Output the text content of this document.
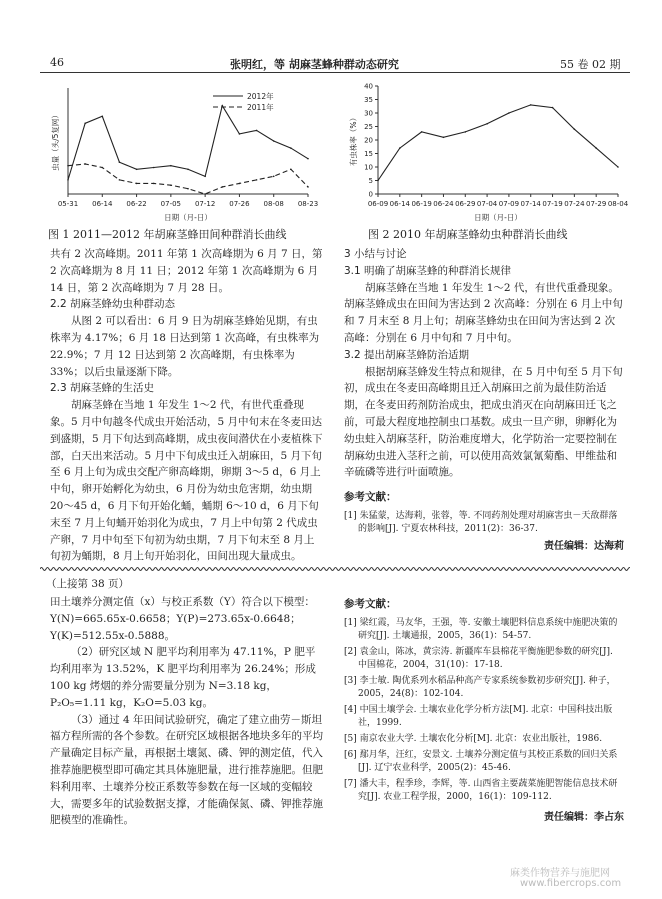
46	张明红，等 胡麻茎蜂种群动态研究	55 卷 02 期
05-31 06-14 06-22 07-05 07-12 07-26 08-08 08-23
日期（月-日）
虫量（头/5复网）
2012年
2011年
图 1 2011—2012 年胡麻茎蜂田间种群消长曲线
06-09 06-14 06-19 06-24 06-29 07-04 07-09 07-14 07-19 07-24 07-29 08-04
0
5
10
15
20
25
30
35
40
日期（月-日）
有虫株率（%）
图 2 2010 年胡麻茎蜂幼虫种群消长曲线

共有 2 次高峰期。2011 年第 1 次高峰期为 6 月 7 日，第 2 次高峰期为 8 月 11 日；2012 年第 1 次高峰期为 6 月 14 日，第 2 次高峰期为 7 月 28 日。

2.2 胡麻茎蜂幼虫种群动态

从图 2 可以看出：6 月 9 日为胡麻茎蜂始见期，有虫株率为 4.17%；6 月 18 日达到第 1 次高峰，有虫株率为 22.9%；7 月 12 日达到第 2 次高峰期，有虫株率为 33%；以后虫量逐渐下降。

2.3 胡麻茎蜂的生活史

胡麻茎蜂在当地 1 年发生 1～2 代，有世代重叠现象。5 月中旬越冬代成虫开始活动，5 月中旬末在冬麦田达到盛期，5 月下旬达到高峰期，成虫夜间潜伏在小麦植株下部，白天出来活动。5 月中下旬成虫迁入胡麻田，5 月下旬至 6 月上旬为成虫交配产卵高峰期，卵期 3～5 d，6 月上中旬，卵开始孵化为幼虫，6 月份为幼虫危害期，幼虫期 20～45 d，6 月下旬开始化蛹，蛹期 6～10 d，6 月下旬末至 7 月上旬蛹开始羽化为成虫，7 月上中旬第 2 代成虫产卵，7 月中旬至下旬初为幼虫期，7 月下旬末至 8 月上旬初为蛹期，8 月上旬开始羽化，田间出现大量成虫。

3 小结与讨论

3.1 明确了胡麻茎蜂的种群消长规律

胡麻茎蜂在当地 1 年发生 1～2 代，有世代重叠现象。胡麻茎蜂成虫在田间为害达到 2 次高峰：分别在 6 月上中旬和 7 月末至 8 月上旬；胡麻茎蜂幼虫在田间为害达到 2 次高峰：分别在 6 月中旬和 7 月中旬。

3.2 提出胡麻茎蜂防治适期

根据胡麻茎蜂发生特点和规律，在 5 月中旬至 5 月下旬初，成虫在冬麦田高峰期且迁入胡麻田之前为最佳防治适期，在冬麦田药剂防治成虫，把成虫消灭在向胡麻田迁飞之前，可最大程度地控制虫口基数。成虫一旦产卵，卵孵化为幼虫蛀入胡麻茎秆，防治难度增大，化学防治一定要控制在胡麻幼虫进入茎秆之前，可以使用高效氯氰菊酯、甲维盐和辛硫磷等进行叶面喷施。

参考文献：

[1] 朱猛蒙，达海莉，张蓉，等. 不同药剂处理对胡麻害虫－天敌群落的影响[J]. 宁夏农林科技，2011(2)：36-37.

责任编辑：达海莉

（上接第 38 页）

田土壤养分测定值（x）与校正系数（Y）符合以下模型：Y(N)=665.65x-0.6658；Y(P)=273.65x-0.6648；Y(K)=512.55x-0.5888。

（2）研究区域 N 肥平均利用率为 47.11%，P 肥平均利用率为 13.52%，K 肥平均利用率为 26.24%；形成 100 kg 烤烟的养分需要量分别为 N=3.18 kg，P₂O₅=1.11 kg，K₂O=5.03 kg。

（3）通过 4 年田间试验研究，确定了建立曲劳－斯坦福方程所需的各个参数。在研究区域根据各地块多年的平均产量确定目标产量，再根据土壤氮、磷、钾的测定值，代入推荐施肥模型即可确定其具体施肥量，进行推荐施肥。但肥料利用率、土壤养分校正系数等参数在每一区域的变幅较大，需要多年的试验数据支撑，才能确保氮、磷、钾推荐施肥模型的准确性。

参考文献：
[1] 梁红霞，马友华，王强，等. 安徽土壤肥料信息系统中施肥决策的研究[J]. 土壤通报，2005，36(1)：54-57.
[2] 袁金山，陈冰，黄宗涛. 新疆库车县棉花平衡施肥参数的研究[J]. 中国棉花，2004，31(10)：17-18.
[3] 李士敏. 陶优系列水稻品种高产专家系统参数初步研究[J]. 种子，2005，24(8)：102-104.
[4] 中国土壤学会. 土壤农业化学分析方法[M]. 北京：中国科技出版社，1999.
[5] 南京农业大学. 土壤农化分析[M]. 北京：农业出版社，1986.
[6] 鄢月华，汪红，安景文. 土壤养分测定值与其校正系数的回归关系[J]. 辽宁农业科学，2005(2)：45-46.
[7] 潘大丰，程季珍，李辉，等. 山西省主要蔬菜施肥智能信息技术研究[J]. 农业工程学报，2000，16(1)：109-112.
责任编辑：李占东
麻类作物营养与施肥网
www.fibercrops.com
